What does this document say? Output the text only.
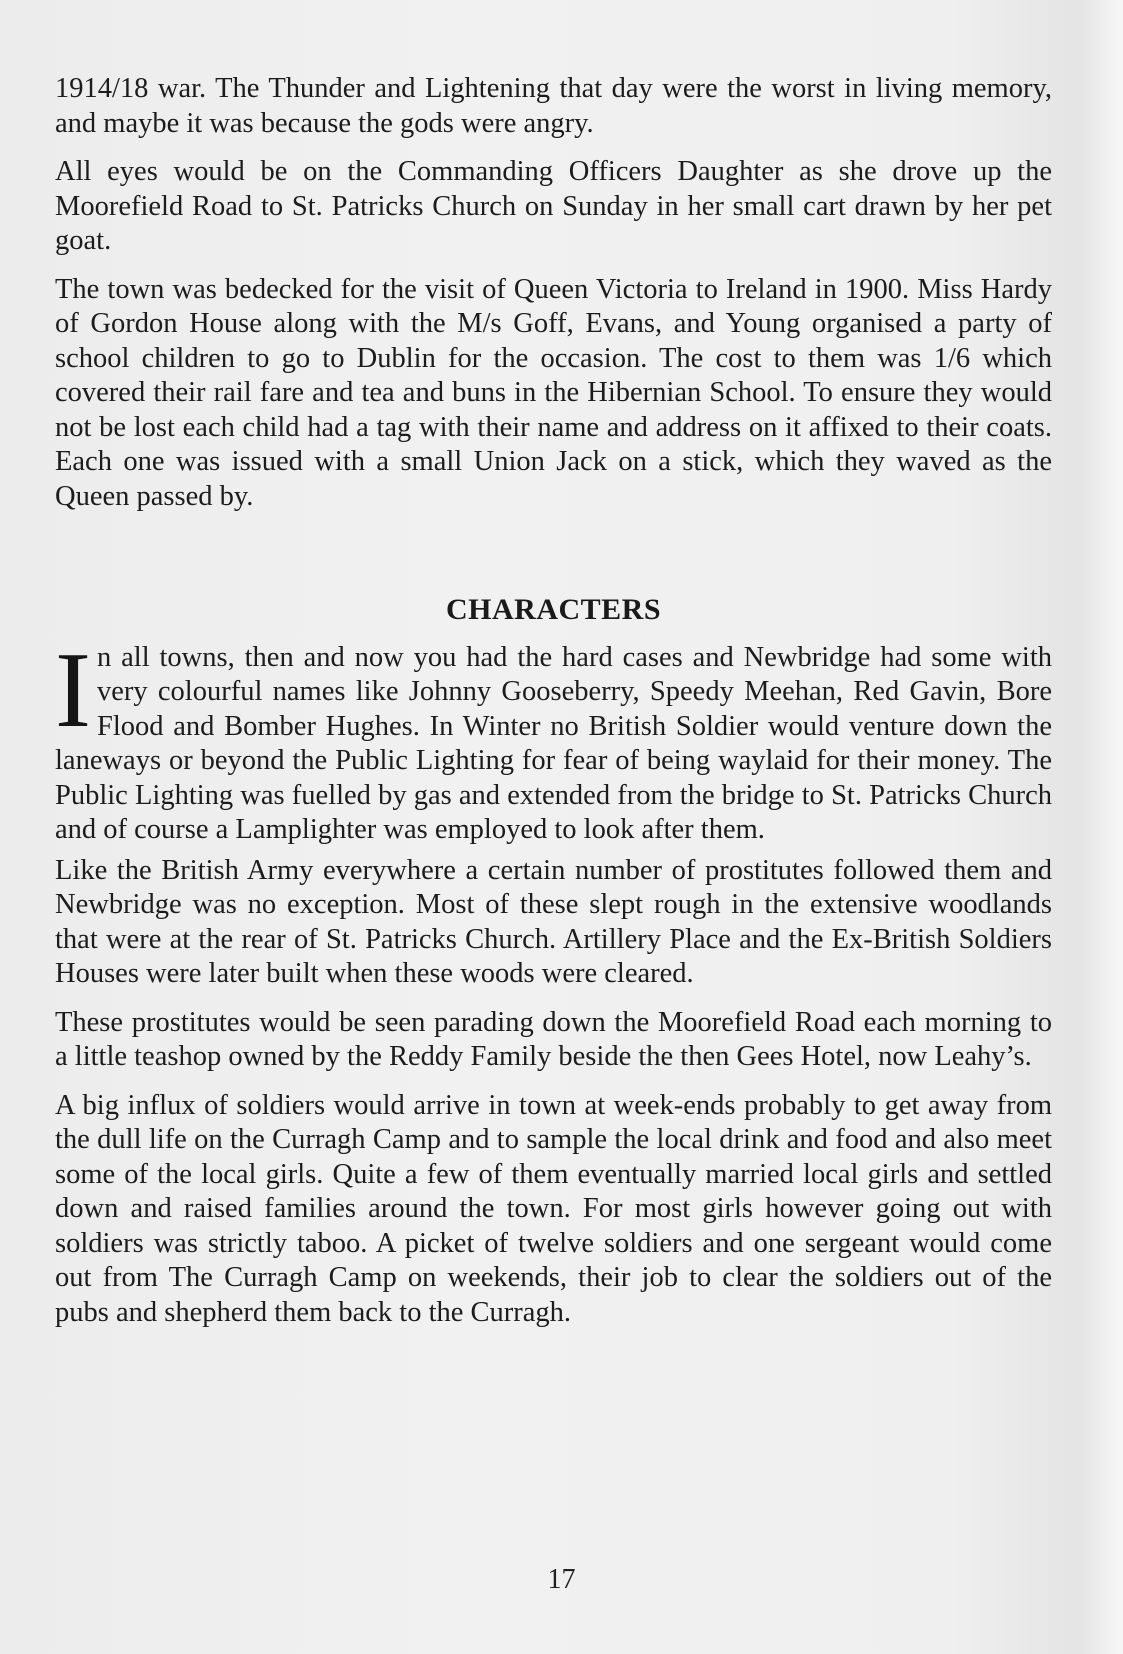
1914/18 war. The Thunder and Lightening that day were the worst in living memory, and maybe it was because the gods were angry.

All eyes would be on the Commanding Officers Daughter as she drove up the Moorefield Road to St. Patricks Church on Sunday in her small cart drawn by her pet goat.

The town was bedecked for the visit of Queen Victoria to Ireland in 1900. Miss Hardy of Gordon House along with the M/s Goff, Evans, and Young organised a party of school children to go to Dublin for the occasion. The cost to them was 1/6 which covered their rail fare and tea and buns in the Hibernian School. To ensure they would not be lost each child had a tag with their name and address on it affixed to their coats. Each one was issued with a small Union Jack on a stick, which they waved as the Queen passed by.

CHARACTERS

In all towns, then and now you had the hard cases and Newbridge had some with very colourful names like Johnny Gooseberry, Speedy Meehan, Red Gavin, Bore Flood and Bomber Hughes. In Winter no British Soldier would venture down the laneways or beyond the Public Lighting for fear of being waylaid for their money. The Public Lighting was fuelled by gas and extended from the bridge to St. Patricks Church and of course a Lamplighter was employed to look after them.

Like the British Army everywhere a certain number of prostitutes followed them and Newbridge was no exception. Most of these slept rough in the extensive woodlands that were at the rear of St. Patricks Church. Artillery Place and the Ex-British Soldiers Houses were later built when these woods were cleared.

These prostitutes would be seen parading down the Moorefield Road each morning to a little teashop owned by the Reddy Family beside the then Gees Hotel, now Leahy’s.

A big influx of soldiers would arrive in town at week-ends probably to get away from the dull life on the Curragh Camp and to sample the local drink and food and also meet some of the local girls. Quite a few of them eventually married local girls and settled down and raised families around the town. For most girls however going out with soldiers was strictly taboo. A picket of twelve soldiers and one sergeant would come out from The Curragh Camp on weekends, their job to clear the soldiers out of the pubs and shepherd them back to the Curragh.

17
